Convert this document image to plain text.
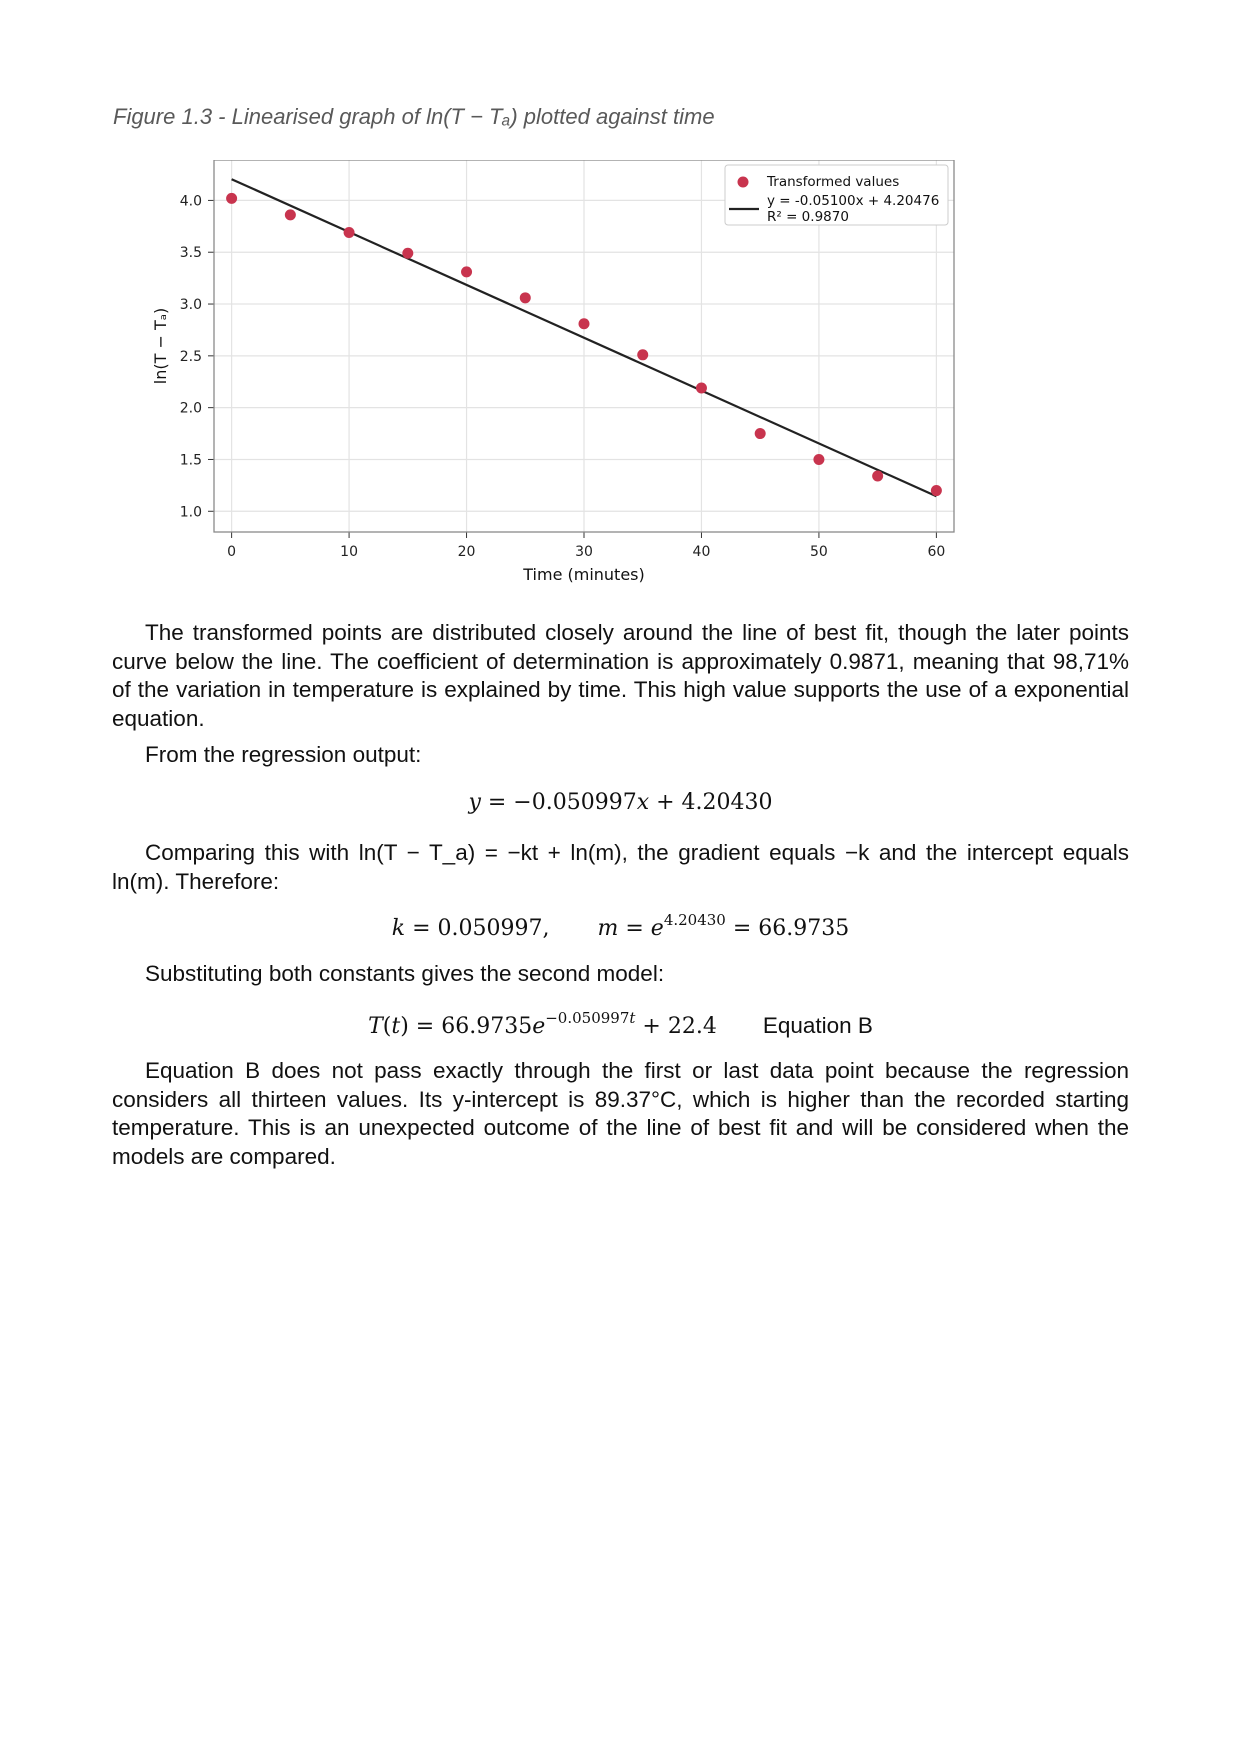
Figure 1.3 - Linearised graph of ln(T − Tₐ) plotted against time
0	10	20	30	40	50	60
1.0
1.5
2.0
2.5
3.0
3.5
4.0
Time (minutes)
ln(T − Tₐ)
Transformed values
y = -0.05100x + 4.20476
R² = 0.9870

The transformed points are distributed closely around the line of best fit, though the later points curve below the line. The coefficient of determination is approximately 0.9871, meaning that 98,71% of the variation in temperature is explained by time. This high value supports the use of a exponential equation.

From the regression output:

y = −0.050997x + 4.20430

Comparing this with ln(T − T_a) = −kt + ln(m), the gradient equals −k and the intercept equals ln(m). Therefore:

k = 0.050997, $m = e^{4.20430} = 66.9735$

Substituting both constants gives the second model:

$T(t) = 66.9735e^{-0.050997t} + 22.4$ Equation B

Equation B does not pass exactly through the first or last data point because the regression considers all thirteen values. Its y-intercept is 89.37°C, which is higher than the recorded starting temperature. This is an unexpected outcome of the line of best fit and will be considered when the models are compared.
